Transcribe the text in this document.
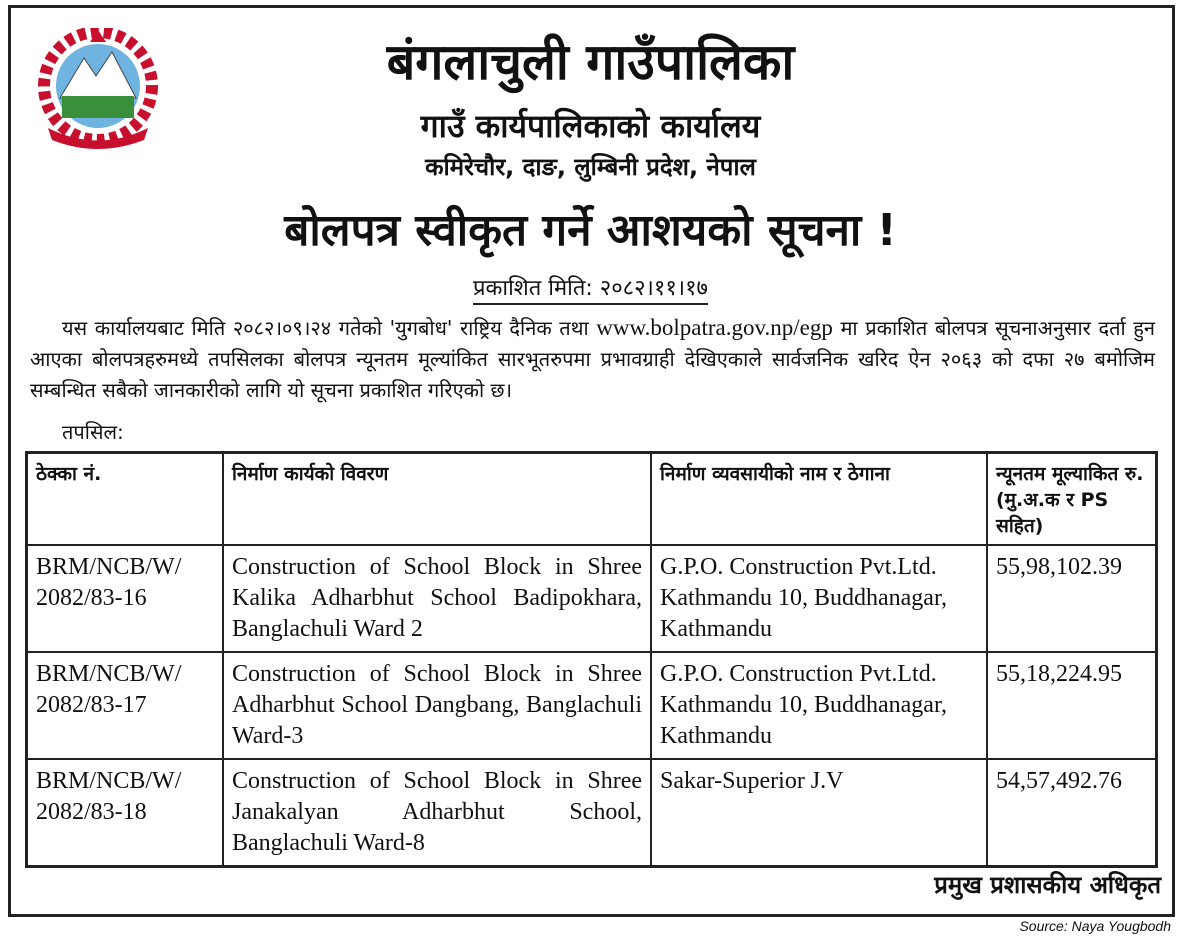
बंगलाचुली गाउँपालिका
गाउँ कार्यपालिकाको कार्यालय
कमिरेचौर, दाङ, लुम्बिनी प्रदेश, नेपाल
बोलपत्र स्वीकृत गर्ने आशयको सूचना !
प्रकाशित मिति: २०८२।११।१७
यस कार्यालयबाट मिति २०८२।०९।२४ गतेको 'युगबोध' राष्ट्रिय दैनिक तथा www.bolpatra.gov.np/egp मा प्रकाशित बोलपत्र सूचनाअनुसार दर्ता हुन आएका बोलपत्रहरुमध्ये तपसिलका बोलपत्र न्यूनतम मूल्यांकित सारभूतरुपमा प्रभावग्राही देखिएकाले सार्वजनिक खरिद ऐन २०६३ को दफा २७ बमोजिम सम्बन्धित सबैको जानकारीको लागि यो सूचना प्रकाशित गरिएको छ।
तपसिल:
ठेक्का नं.	निर्माण कार्यको विवरण	निर्माण व्यवसायीको नाम र ठेगाना	न्यूनतम मूल्याकित रु. (मु.अ.क र PS सहित)
BRM/NCB/W/ 2082/83-16	Construction of School Block in Shree Kalika Adharbhut School Badipokhara, Banglachuli Ward 2	G.P.O. Construction Pvt.Ltd. Kathmandu 10, Buddhanagar, Kathmandu	55,98,102.39
BRM/NCB/W/ 2082/83-17	Construction of School Block in Shree Adharbhut School Dangbang, Banglachuli Ward-3	G.P.O. Construction Pvt.Ltd. Kathmandu 10, Buddhanagar, Kathmandu	55,18,224.95
BRM/NCB/W/ 2082/83-18	Construction of School Block in Shree Janakalyan Adharbhut School, Banglachuli Ward-8	Sakar-Superior J.V	54,57,492.76
प्रमुख प्रशासकीय अधिकृत
Source: Naya Yougbodh
